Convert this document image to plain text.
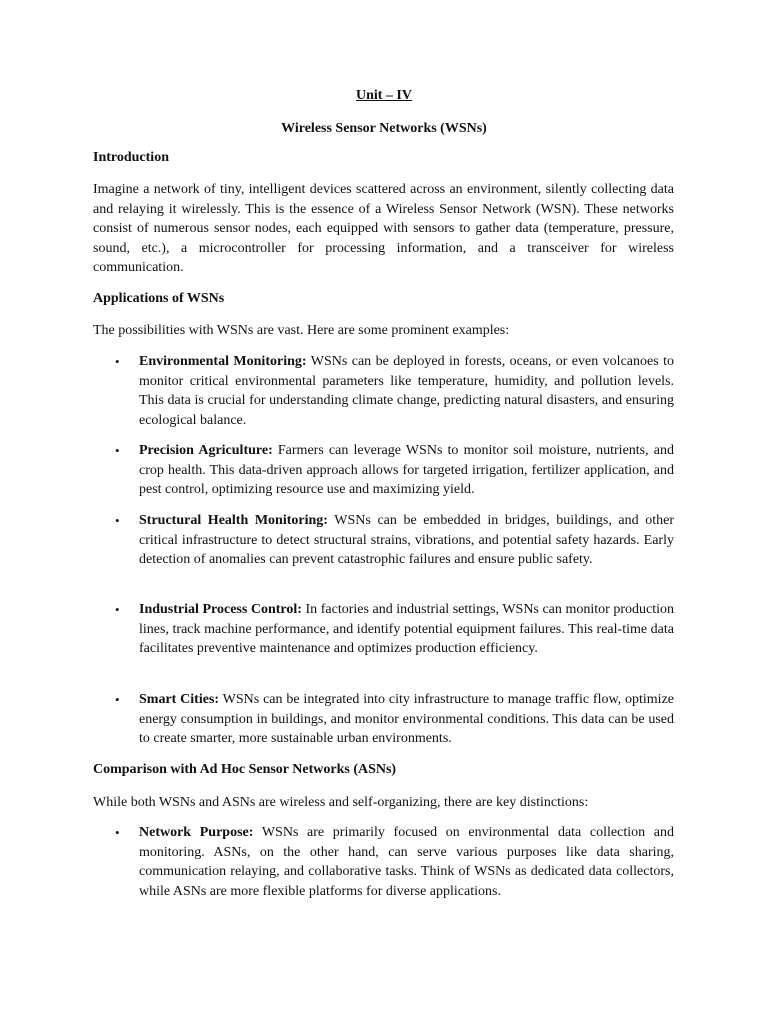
Unit – IV
Wireless Sensor Networks (WSNs)
Introduction

Imagine a network of tiny, intelligent devices scattered across an environment, silently collecting data and relaying it wirelessly. This is the essence of a Wireless Sensor Network (WSN). These networks consist of numerous sensor nodes, each equipped with sensors to gather data (temperature, pressure, sound, etc.), a microcontroller for processing information, and a transceiver for wireless communication.

Applications of WSNs

The possibilities with WSNs are vast. Here are some prominent examples:

• Environmental Monitoring: WSNs can be deployed in forests, oceans, or even volcanoes to monitor critical environmental parameters like temperature, humidity, and pollution levels. This data is crucial for understanding climate change, predicting natural disasters, and ensuring ecological balance.
• Precision Agriculture: Farmers can leverage WSNs to monitor soil moisture, nutrients, and crop health. This data-driven approach allows for targeted irrigation, fertilizer application, and pest control, optimizing resource use and maximizing yield.
• Structural Health Monitoring: WSNs can be embedded in bridges, buildings, and other critical infrastructure to detect structural strains, vibrations, and potential safety hazards. Early detection of anomalies can prevent catastrophic failures and ensure public safety.
• Industrial Process Control: In factories and industrial settings, WSNs can monitor production lines, track machine performance, and identify potential equipment failures. This real-time data facilitates preventive maintenance and optimizes production efficiency.
• Smart Cities: WSNs can be integrated into city infrastructure to manage traffic flow, optimize energy consumption in buildings, and monitor environmental conditions. This data can be used to create smarter, more sustainable urban environments.
Comparison with Ad Hoc Sensor Networks (ASNs)

While both WSNs and ASNs are wireless and self-organizing, there are key distinctions:

• Network Purpose: WSNs are primarily focused on environmental data collection and monitoring. ASNs, on the other hand, can serve various purposes like data sharing, communication relaying, and collaborative tasks. Think of WSNs as dedicated data collectors, while ASNs are more flexible platforms for diverse applications.
